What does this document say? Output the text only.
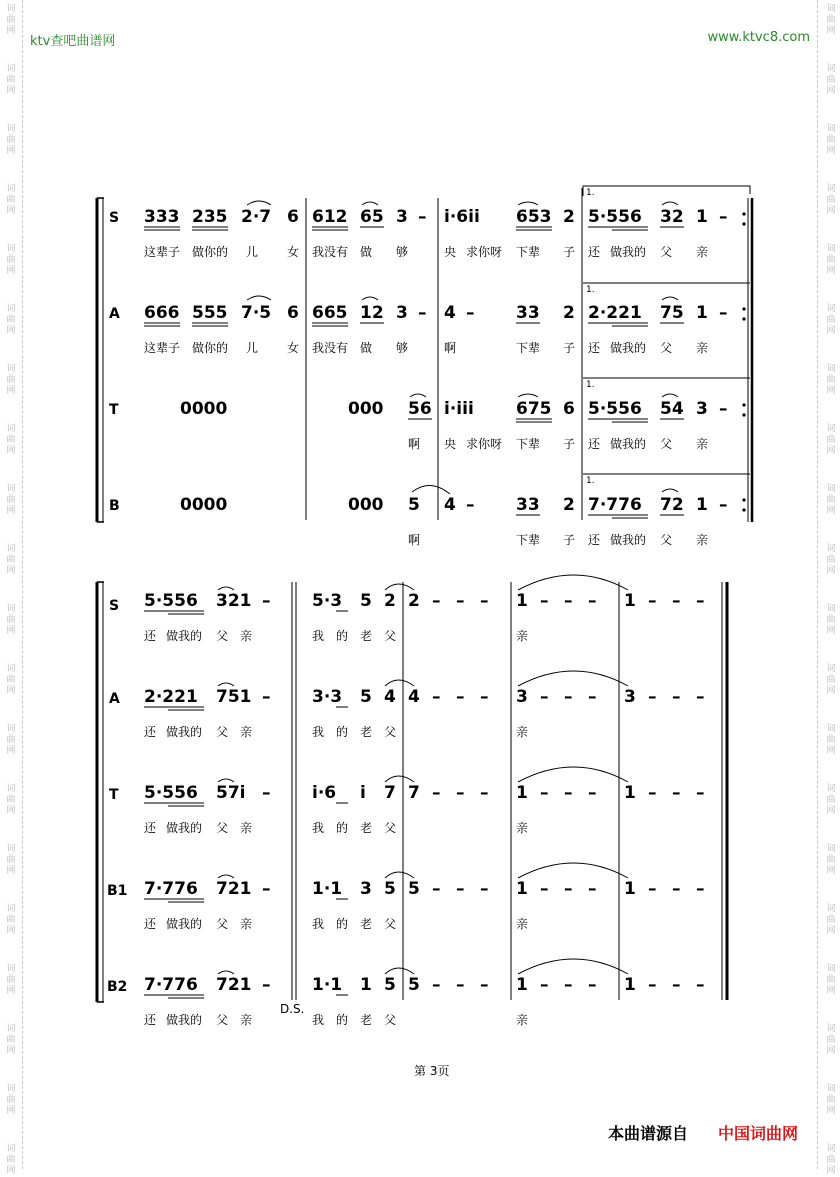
词
曲
网
词
曲
网
词
曲
网
词
曲
网
词
曲
网
词
曲
网
词
曲
网
词
曲
网
词
曲
网
词
曲
网
词
曲
网
词
曲
网
词
曲
网
词
曲
网
词
曲
网
词
曲
网
词
曲
网
词
曲
网
词
曲
网
词
曲
网
词
曲
网
词
曲
网
词
曲
网
词
曲
网
词
曲
网
词
曲
网
词
曲
网
词
曲
网
词
曲
网
词
曲
网
词
曲
网
词
曲
网
词
曲
网
词
曲
网
词
曲
网
词
曲
网
词
曲
网
词
曲
网
词
曲
网
词
曲
网
ktv查吧曲谱网	www.ktvc8.com
1.
1.
1.
1.
S 333 235 2·7 6 612 65 3 – i·6ii 653 2 5·556 32 1 –
这辈子 做你的 儿 女 我没有 做 够	央 求你呀 下辈 子 还 做我的 父 亲
A 666 555 7·5 6 665 12 3 – 4 – 33 2 2·221 75 1 –
这辈子 做你的 儿 女 我没有 做 够	啊	下辈 子 还 做我的 父 亲
T	0000	000 56 i·iii 675 6 5·556 54 3 –
啊 央 求你呀 下辈 子 还 做我的 父 亲
B	0000	000 5 4 – 33 2 7·776 72 1 –
啊	下辈 子 还 做我的 父 亲
D.S.
S 5·556 321 – 5·3 5 2 2 – – – 1 – – – 1 – – –
还 做我的 父 亲	我 的 老 父	亲
A 2·221 751 – 3·3 5 4 4 – – – 3 – – – 3 – – –
还 做我的 父 亲	我 的 老 父	亲
T 5·556 57i – i·6 i 7 7 – – – 1 – – – 1 – – –
还 做我的 父 亲	我 的 老 父	亲
B1 7·776 721 – 1·1 3 5 5 – – – 1 – – – 1 – – –
还 做我的 父 亲	我 的 老 父	亲
B2 7·776 721 – 1·1 1 5 5 – – – 1 – – – 1 – – –
还 做我的 父 亲	我 的 老 父	亲
第 3页
本曲谱源自 中国词曲网
